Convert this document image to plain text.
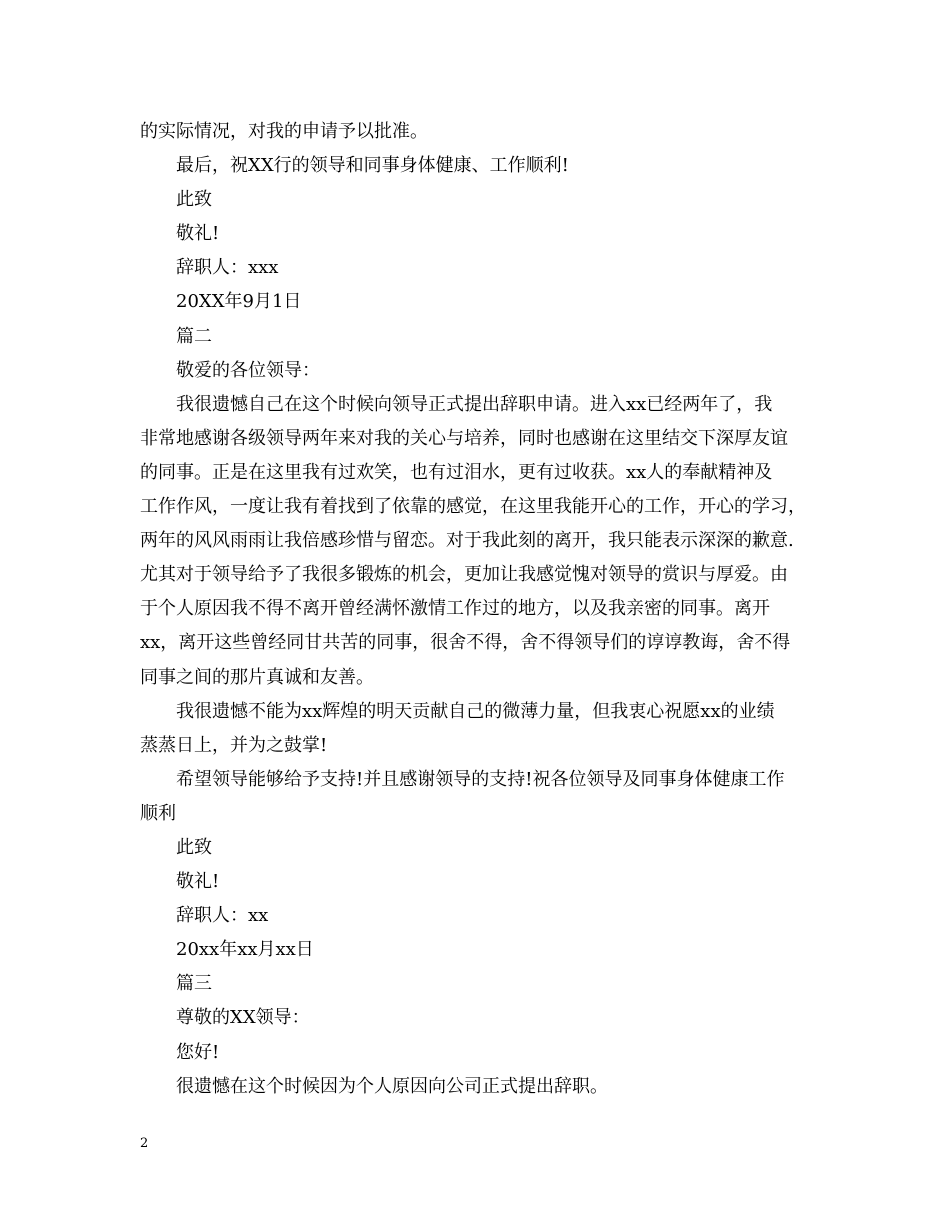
的实际情况，对我的申请予以批准。
最后，祝XX行的领导和同事身体健康、工作顺利!
此致
敬礼!
辞职人：xxx
20XX年9月1日
篇二
敬爱的各位领导：
我很遗憾自己在这个时候向领导正式提出辞职申请。进入xx已经两年了，我
非常地感谢各级领导两年来对我的关心与培养，同时也感谢在这里结交下深厚友谊
的同事。正是在这里我有过欢笑，也有过泪水，更有过收获。xx人的奉献精神及
工作作风，一度让我有着找到了依靠的感觉，在这里我能开心的工作，开心的学习，
两年的风风雨雨让我倍感珍惜与留恋。对于我此刻的离开，我只能表示深深的歉意.
尤其对于领导给予了我很多锻炼的机会，更加让我感觉愧对领导的赏识与厚爱。由
于个人原因我不得不离开曾经满怀激情工作过的地方，以及我亲密的同事。离开
xx，离开这些曾经同甘共苦的同事，很舍不得，舍不得领导们的谆谆教诲，舍不得
同事之间的那片真诚和友善。
我很遗憾不能为xx辉煌的明天贡献自己的微薄力量，但我衷心祝愿xx的业绩
蒸蒸日上，并为之鼓掌!
希望领导能够给予支持!并且感谢领导的支持!祝各位领导及同事身体健康工作
顺利
此致
敬礼!
辞职人：xx
20xx年xx月xx日
篇三
尊敬的XX领导：
您好!
很遗憾在这个时候因为个人原因向公司正式提出辞职。
2
